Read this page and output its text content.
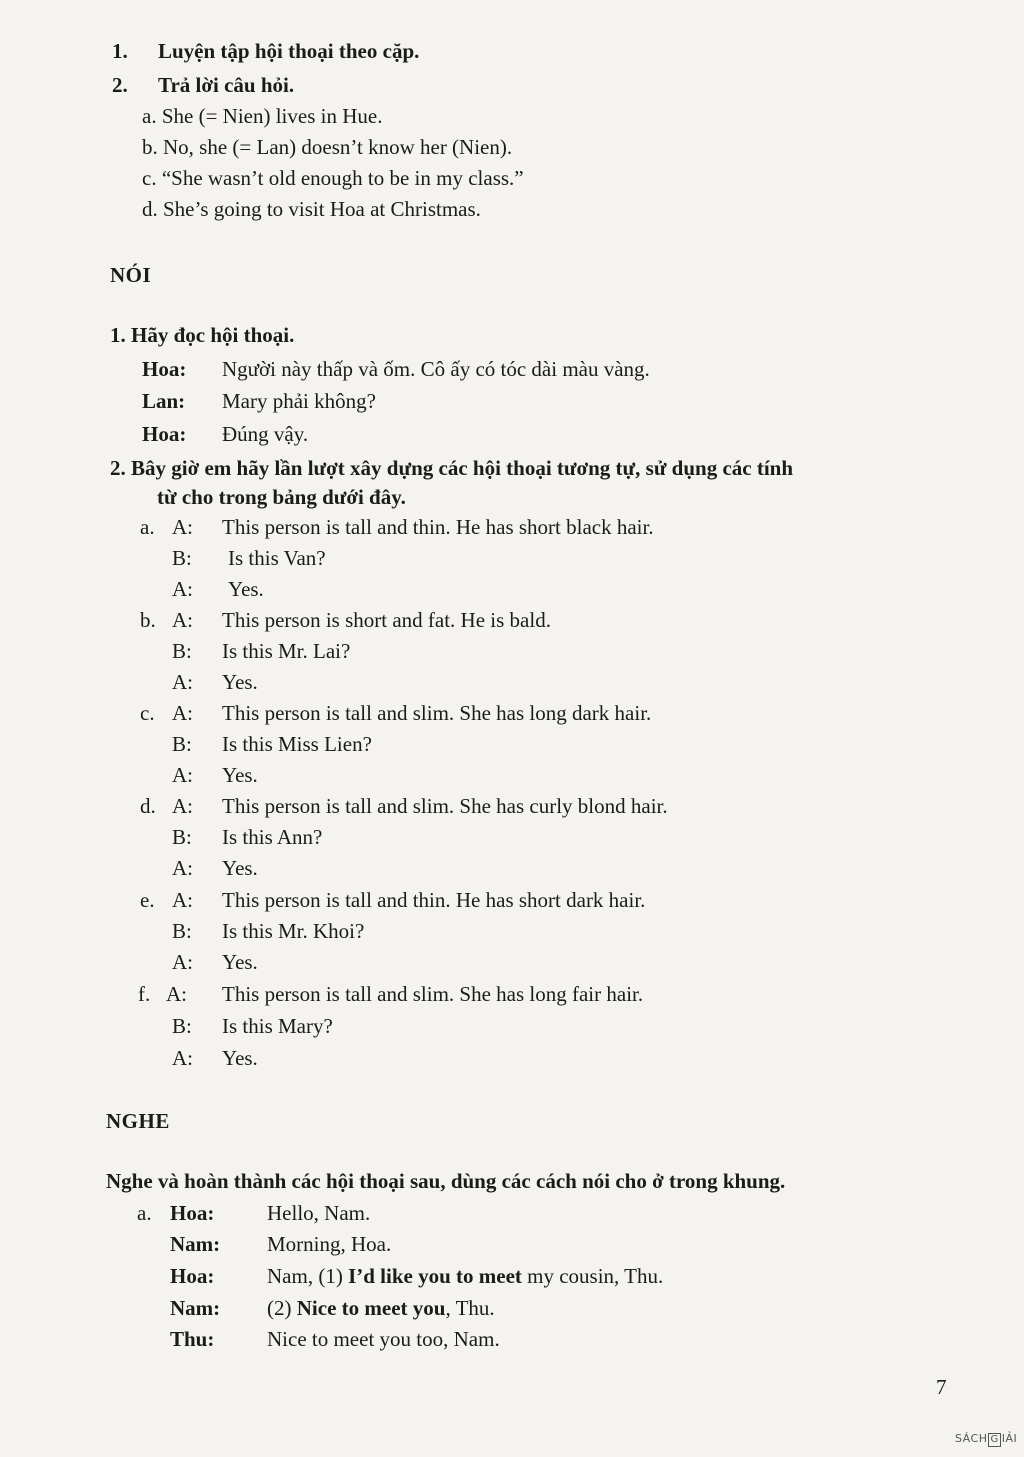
1. Luyện tập hội thoại theo cặp.
2. Trả lời câu hỏi.
a. She (= Nien) lives in Hue.
b. No, she (= Lan) doesn’t know her (Nien).
c. “She wasn’t old enough to be in my class.”
d. She’s going to visit Hoa at Christmas.
NÓI
1. Hãy đọc hội thoại.
Hoa: Người này thấp và ốm. Cô ấy có tóc dài màu vàng.
Lan: Mary phải không?
Hoa: Đúng vậy.
2. Bây giờ em hãy lần lượt xây dựng các hội thoại tương tự, sử dụng các tính
từ cho trong bảng dưới đây.
a. A: This person is tall and thin. He has short black hair.
B: Is this Van?
A: Yes.
b. A: This person is short and fat. He is bald.
B: Is this Mr. Lai?
A: Yes.
c. A: This person is tall and slim. She has long dark hair.
B: Is this Miss Lien?
A: Yes.
d. A: This person is tall and slim. She has curly blond hair.
B: Is this Ann?
A: Yes.
e. A: This person is tall and thin. He has short dark hair.
B: Is this Mr. Khoi?
A: Yes.
f. A: This person is tall and slim. She has long fair hair.
B: Is this Mary?
A: Yes.
NGHE
Nghe và hoàn thành các hội thoại sau, dùng các cách nói cho ở trong khung.
a. Hoa:	Hello, Nam.
Nam: Morning, Hoa.
Hoa:	Nam, (1) I’d like you to meet my cousin, Thu.
Nam: (2) Nice to meet you, Thu.
Thu:	Nice to meet you too, Nam.
7
SÁCH G IẢI
